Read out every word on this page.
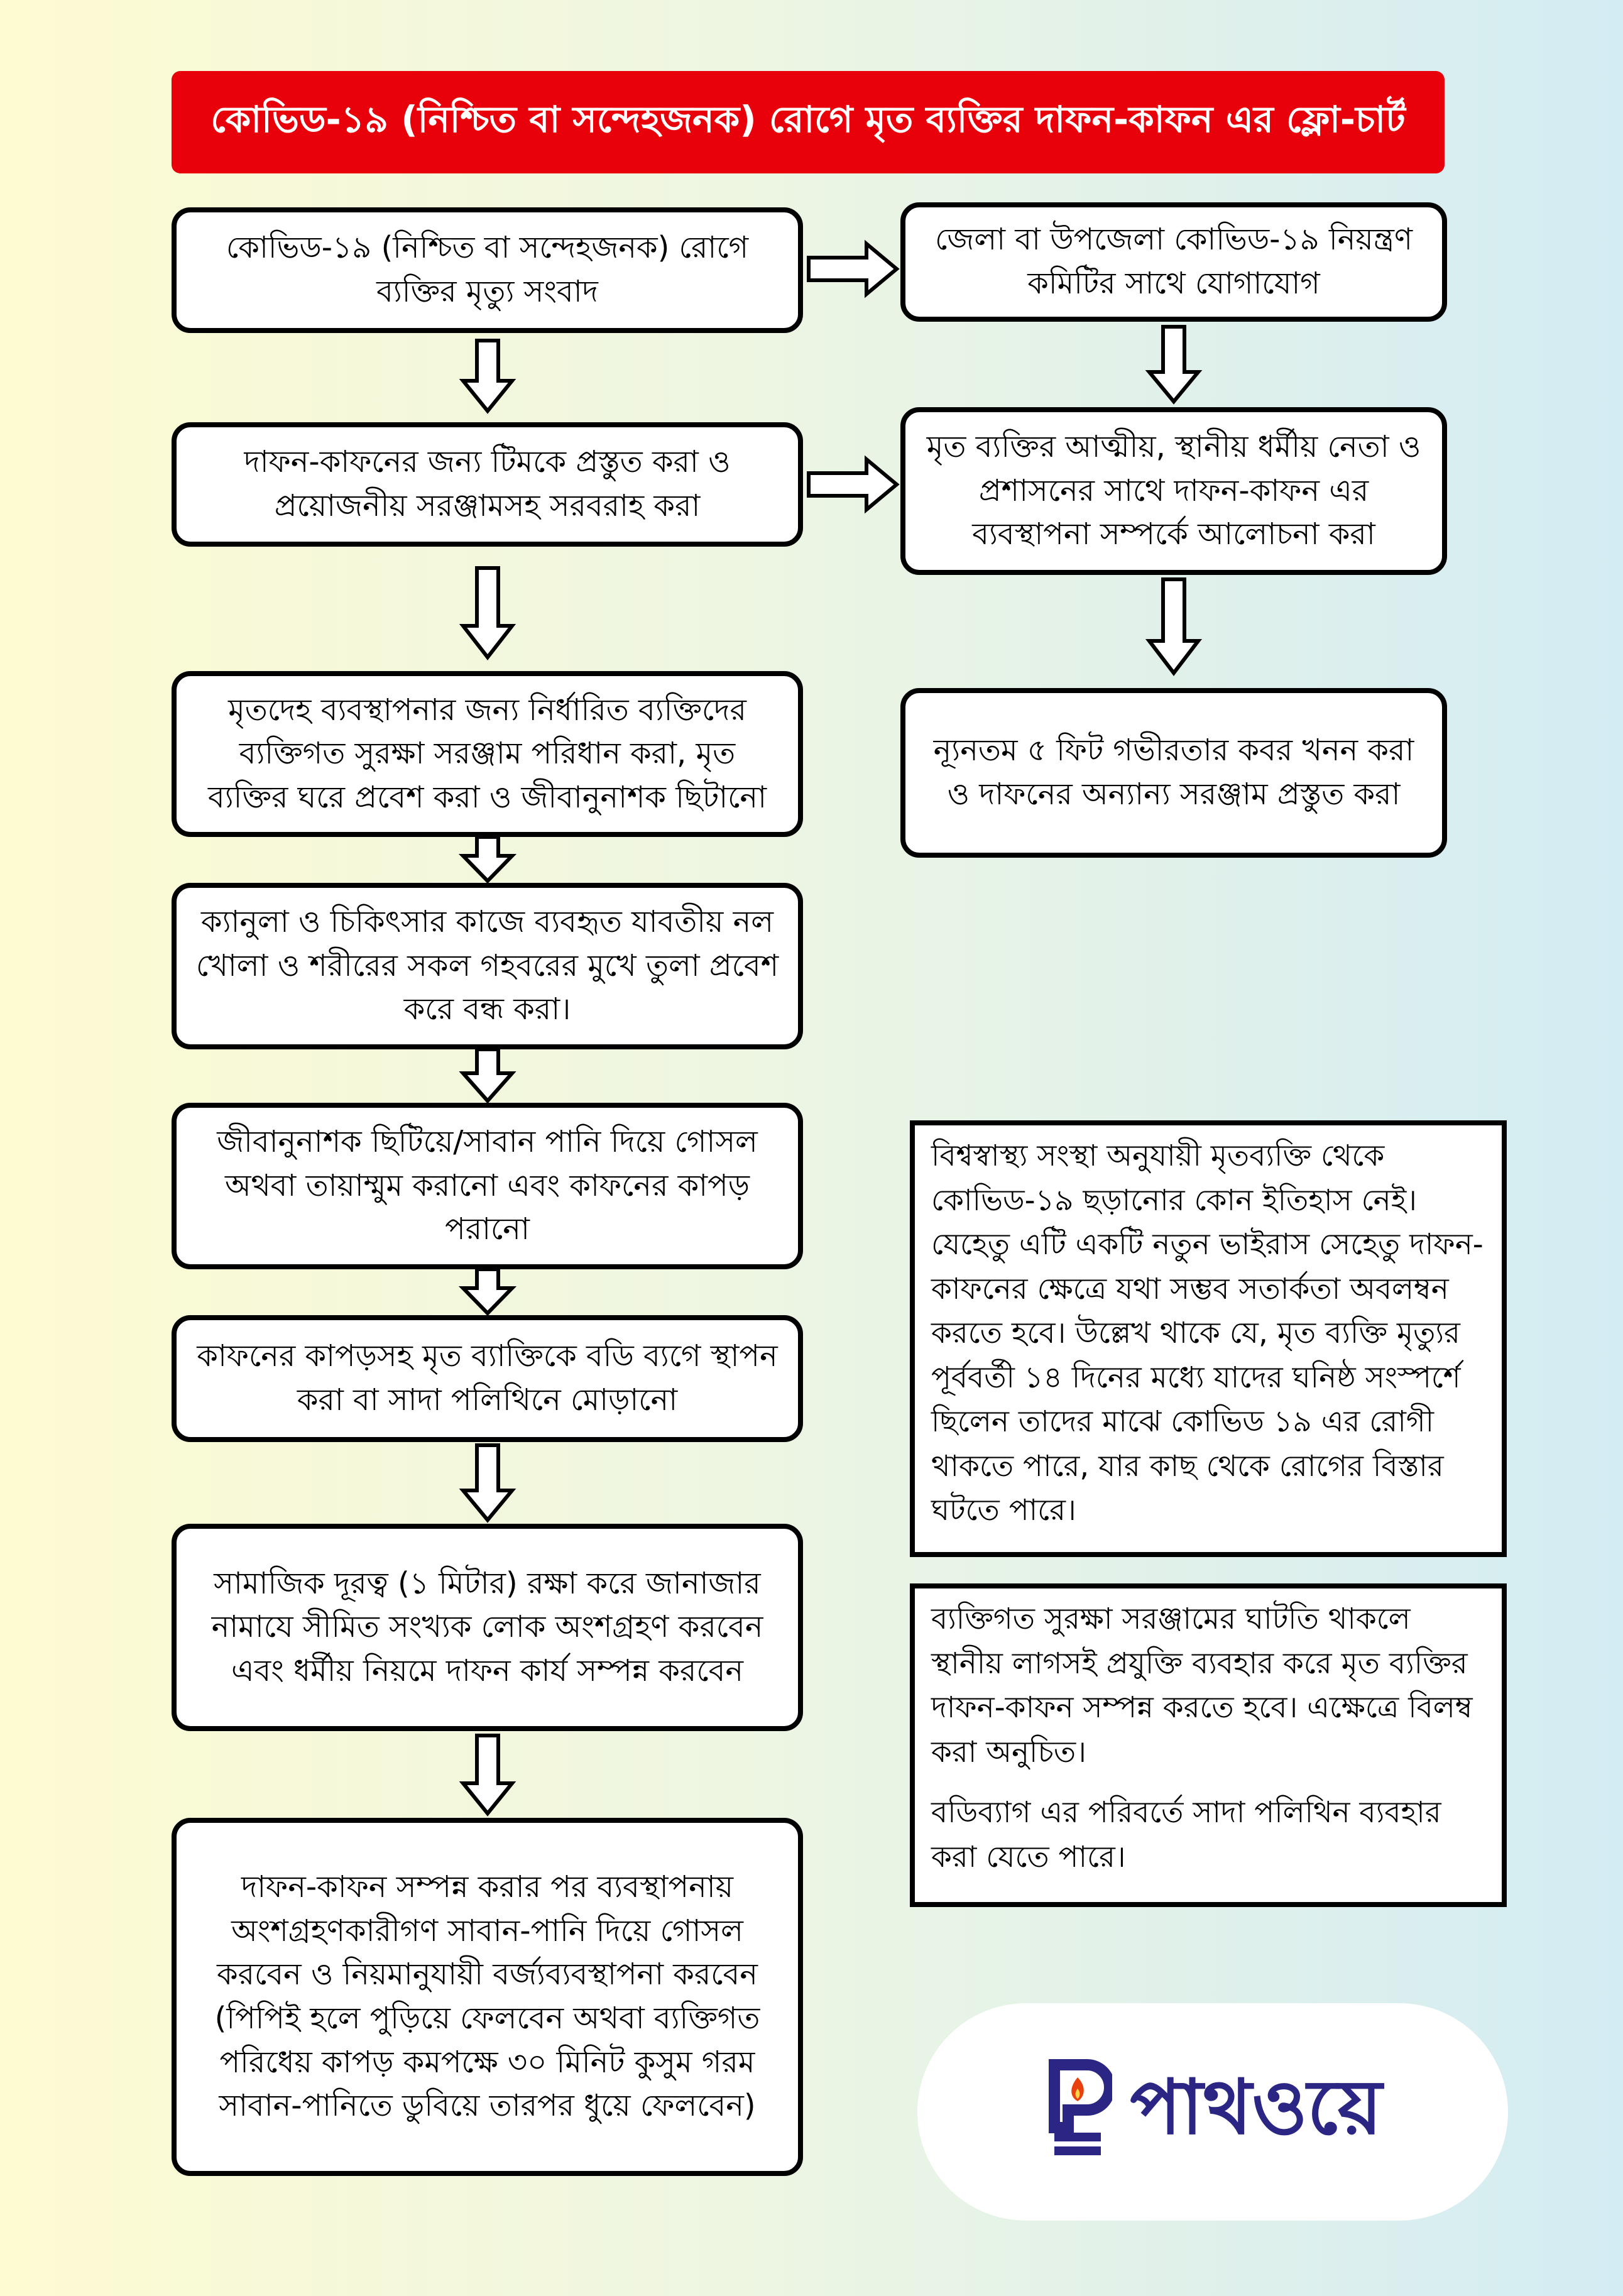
কোভিড-১৯ (নিশ্চিত বা সন্দেহজনক) রোগে মৃত ব্যক্তির দাফন-কাফন এর ফ্লো-চার্ট
কোভিড-১৯ (নিশ্চিত বা সন্দেহজনক) রোগে ব্যক্তির মৃত্যু সংবাদ
দাফন-কাফনের জন্য টিমকে প্রস্তুত করা ও প্রয়োজনীয় সরঞ্জামসহ সরবরাহ করা
মৃতদেহ ব্যবস্থাপনার জন্য নির্ধারিত ব্যক্তিদের ব্যক্তিগত সুরক্ষা সরঞ্জাম পরিধান করা, মৃত ব্যক্তির ঘরে প্রবেশ করা ও জীবানুনাশক ছিটানো
ক্যানুলা ও চিকিৎসার কাজে ব্যবহৃত যাবতীয় নল খোলা ও শরীরের সকল গহবরের মুখে তুলা প্রবেশ করে বন্ধ করা।
জীবানুনাশক ছিটিয়ে/সাবান পানি দিয়ে গোসল অথবা তায়াম্মুম করানো এবং কাফনের কাপড় পরানো
কাফনের কাপড়সহ মৃত ব্যাক্তিকে বডি ব্যগে স্থাপন করা বা সাদা পলিথিনে মোড়ানো
সামাজিক দূরত্ব (১ মিটার) রক্ষা করে জানাজার নামাযে সীমিত সংখ্যক লোক অংশগ্রহণ করবেন এবং ধর্মীয় নিয়মে দাফন কার্য সম্পন্ন করবেন
দাফন-কাফন সম্পন্ন করার পর ব্যবস্থাপনায় অংশগ্রহণকারীগণ সাবান-পানি দিয়ে গোসল করবেন ও নিয়মানুযায়ী বর্জ্যব্যবস্থাপনা করবেন (পিপিই হলে পুড়িয়ে ফেলবেন অথবা ব্যক্তিগত পরিধেয় কাপড় কমপক্ষে ৩০ মিনিট কুসুম গরম সাবান-পানিতে ডুবিয়ে তারপর ধুয়ে ফেলবেন)
জেলা বা উপজেলা কোভিড-১৯ নিয়ন্ত্রণ কমিটির সাথে যোগাযোগ
মৃত ব্যক্তির আত্মীয়, স্থানীয় ধর্মীয় নেতা ও প্রশাসনের সাথে দাফন-কাফন এর ব্যবস্থাপনা সম্পর্কে আলোচনা করা
ন্যূনতম ৫ ফিট গভীরতার কবর খনন করা ও দাফনের অন্যান্য সরঞ্জাম প্রস্তুত করা

বিশ্বস্বাস্থ্য সংস্থা অনুযায়ী মৃতব্যক্তি থেকে কোভিড-১৯ ছড়ানোর কোন ইতিহাস নেই। যেহেতু এটি একটি নতুন ভাইরাস সেহেতু দাফন-কাফনের ক্ষেত্রে যথা সম্ভব সতার্কতা অবলম্বন করতে হবে। উল্লেখ থাকে যে, মৃত ব্যক্তি মৃত্যুর পূর্ববর্তী ১৪ দিনের মধ্যে যাদের ঘনিষ্ঠ সংস্পর্শে ছিলেন তাদের মাঝে কোভিড ১৯ এর রোগী থাকতে পারে, যার কাছ থেকে রোগের বিস্তার ঘটতে পারে।

ব্যক্তিগত সুরক্ষা সরঞ্জামের ঘাটতি থাকলে স্থানীয় লাগসই প্রযুক্তি ব্যবহার করে মৃত ব্যক্তির দাফন-কাফন সম্পন্ন করতে হবে। এক্ষেত্রে বিলম্ব করা অনুচিত।

বডিব্যাগ এর পরিবর্তে সাদা পলিথিন ব্যবহার করা যেতে পারে।

পাথওয়ে
